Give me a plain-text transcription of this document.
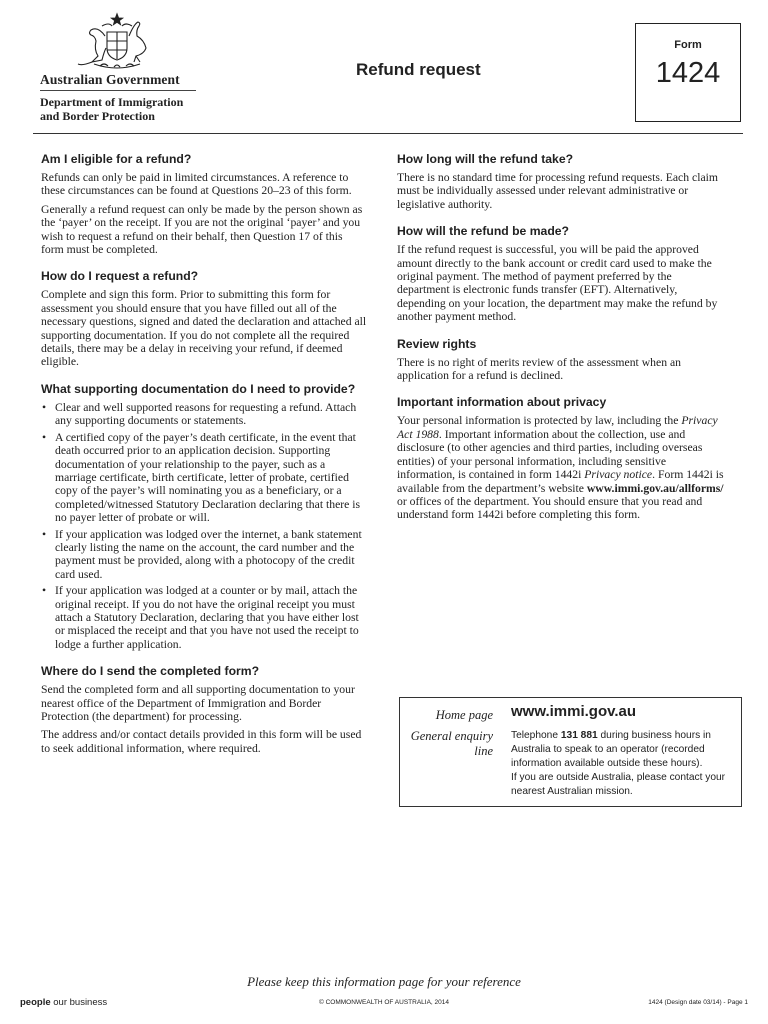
Australian Government
Department of Immigration
and Border Protection
Refund request
Form
1424
Am I eligible for a refund?

Refunds can only be paid in limited circumstances. A reference to these circumstances can be found at Questions 20–23 of this form.

Generally a refund request can only be made by the person shown as the ‘payer’ on the receipt. If you are not the original ‘payer’ and you wish to request a refund on their behalf, then Question 17 of this form must be completed.

How do I request a refund?

Complete and sign this form. Prior to submitting this form for assessment you should ensure that you have filled out all of the necessary questions, signed and dated the declaration and attached all supporting documentation. If you do not complete all the required details, there may be a delay in receiving your refund, if deemed eligible.

What supporting documentation do I need to provide?
• Clear and well supported reasons for requesting a refund. Attach any supporting documents or statements.
• A certified copy of the payer’s death certificate, in the event that death occurred prior to an application decision. Supporting documentation of your relationship to the payer, such as a marriage certificate, birth certificate, letter of probate, certified copy of the payer’s will nominating you as a beneficiary, or a completed/witnessed Statutory Declaration declaring that there is no payer letter of probate or will.
• If your application was lodged over the internet, a bank statement clearly listing the name on the account, the card number and the payment must be provided, along with a photocopy of the credit card used.
• If your application was lodged at a counter or by mail, attach the original receipt. If you do not have the original receipt you must attach a Statutory Declaration, declaring that you have either lost or misplaced the receipt and that you have not used the receipt to lodge a further application.
Where do I send the completed form?

Send the completed form and all supporting documentation to your nearest office of the Department of Immigration and Border Protection (the department) for processing.

The address and/or contact details provided in this form will be used to seek additional information, where required.

How long will the refund take?

There is no standard time for processing refund requests. Each claim must be individually assessed under relevant administrative or legislative authority.

How will the refund be made?

If the refund request is successful, you will be paid the approved amount directly to the bank account or credit card used to make the original payment. The method of payment preferred by the department is electronic funds transfer (EFT). Alternatively, depending on your location, the department may make the refund by another payment method.

Review rights

There is no right of merits review of the assessment when an application for a refund is declined.

Important information about privacy

Your personal information is protected by law, including the Privacy Act 1988. Important information about the collection, use and disclosure (to other agencies and third parties, including overseas entities) of your personal information, including sensitive information, is contained in form 1442i Privacy notice. Form 1442i is available from the department’s website www.immi.gov.au/allforms/ or offices of the department. You should ensure that you read and understand form 1442i before completing this form.

Home page www.immi.gov.au
General enquiry line
Telephone 131 881 during business hours in Australia to speak to an operator (recorded information available outside these hours).
If you are outside Australia, please contact your nearest Australian mission.
Please keep this information page for your reference
people our business	© COMMONWEALTH OF AUSTRALIA, 2014	1424 (Design date 03/14) - Page 1
